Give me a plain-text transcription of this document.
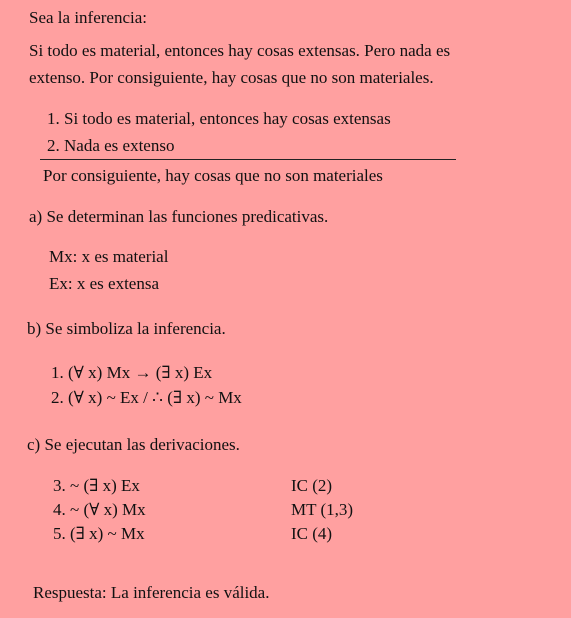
Sea la inferencia:
Si todo es material, entonces hay cosas extensas. Pero nada es
extenso. Por consiguiente, hay cosas que no son materiales.
1. Si todo es material, entonces hay cosas extensas
2. Nada es extenso
Por consiguiente, hay cosas que no son materiales
a) Se determinan las funciones predicativas.
Mx: x es material
Ex: x es extensa
b) Se simboliza la inferencia.
1. (∀ x) Mx → (∃ x) Ex
2. (∀ x) ~ Ex / ∴ (∃ x) ~ Mx
c) Se ejecutan las derivaciones.
3. ~ (∃ x) Ex	IC (2)
4. ~ (∀ x) Mx	MT (1,3)
5. (∃ x) ~ Mx	IC (4)
Respuesta: La inferencia es válida.
